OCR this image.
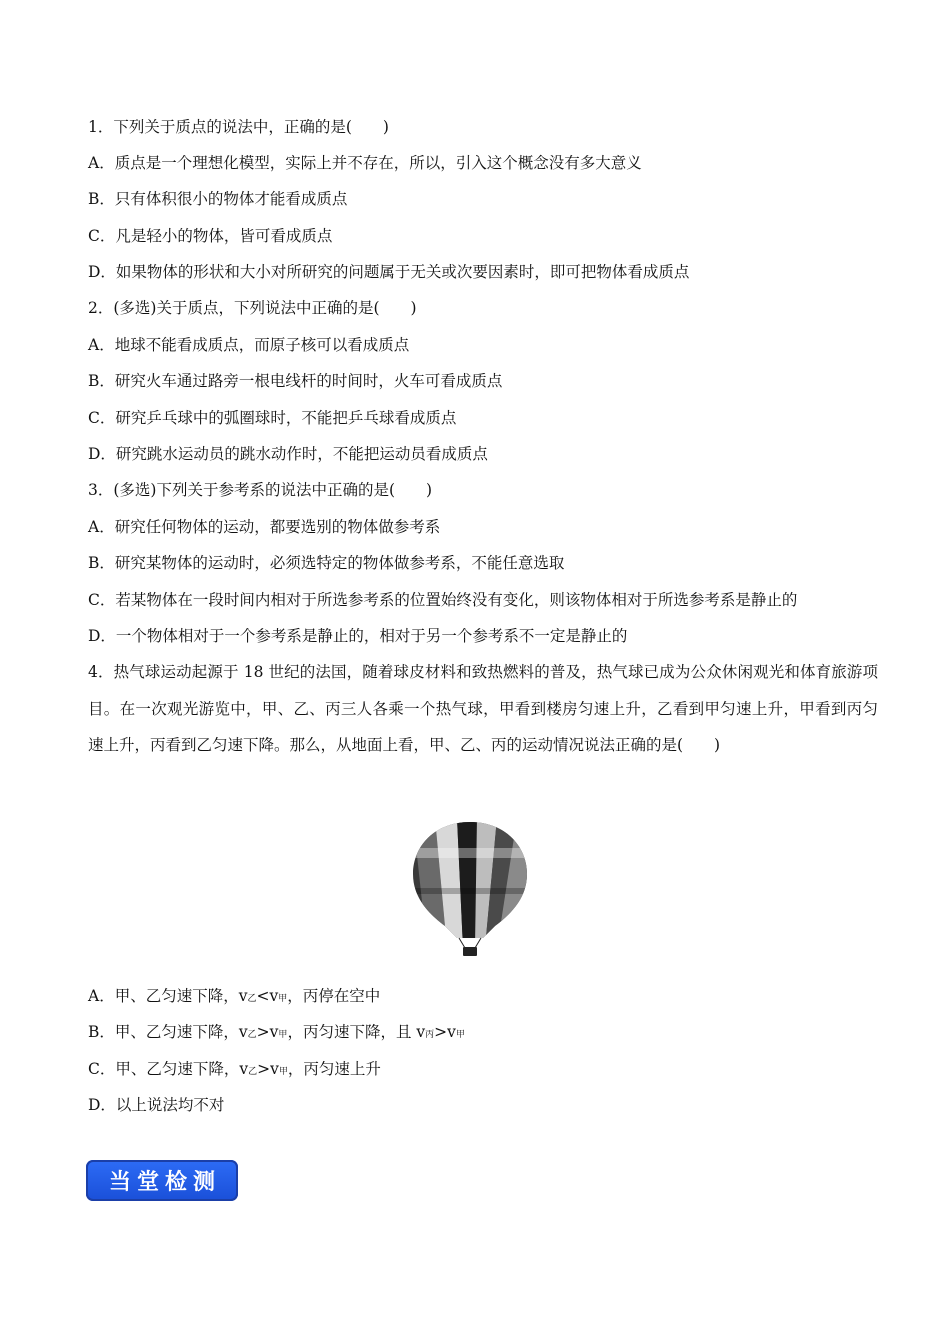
1．下列关于质点的说法中，正确的是(　　)
A．质点是一个理想化模型，实际上并不存在，所以，引入这个概念没有多大意义
B．只有体积很小的物体才能看成质点
C．凡是轻小的物体，皆可看成质点
D．如果物体的形状和大小对所研究的问题属于无关或次要因素时，即可把物体看成质点
2．(多选)关于质点，下列说法中正确的是(　　)
A．地球不能看成质点，而原子核可以看成质点
B．研究火车通过路旁一根电线杆的时间时，火车可看成质点
C．研究乒乓球中的弧圈球时，不能把乒乓球看成质点
D．研究跳水运动员的跳水动作时，不能把运动员看成质点
3．(多选)下列关于参考系的说法中正确的是(　　)
A．研究任何物体的运动，都要选别的物体做参考系
B．研究某物体的运动时，必须选特定的物体做参考系，不能任意选取
C．若某物体在一段时间内相对于所选参考系的位置始终没有变化，则该物体相对于所选参考系是静止的
D．一个物体相对于一个参考系是静止的，相对于另一个参考系不一定是静止的
4．热气球运动起源于 18 世纪的法国，随着球皮材料和致热燃料的普及，热气球已成为公众休闲观光和体育旅游项目。在一次观光游览中，甲、乙、丙三人各乘一个热气球，甲看到楼房匀速上升，乙看到甲匀速上升，甲看到丙匀速上升，丙看到乙匀速下降。那么，从地面上看，甲、乙、丙的运动情况说法正确的是(　　)
A．甲、乙匀速下降，v乙<v甲，丙停在空中
B．甲、乙匀速下降，v乙>v甲，丙匀速下降，且 v丙>v甲
C．甲、乙匀速下降，v乙>v甲，丙匀速上升
D．以上说法均不对
当堂检测
